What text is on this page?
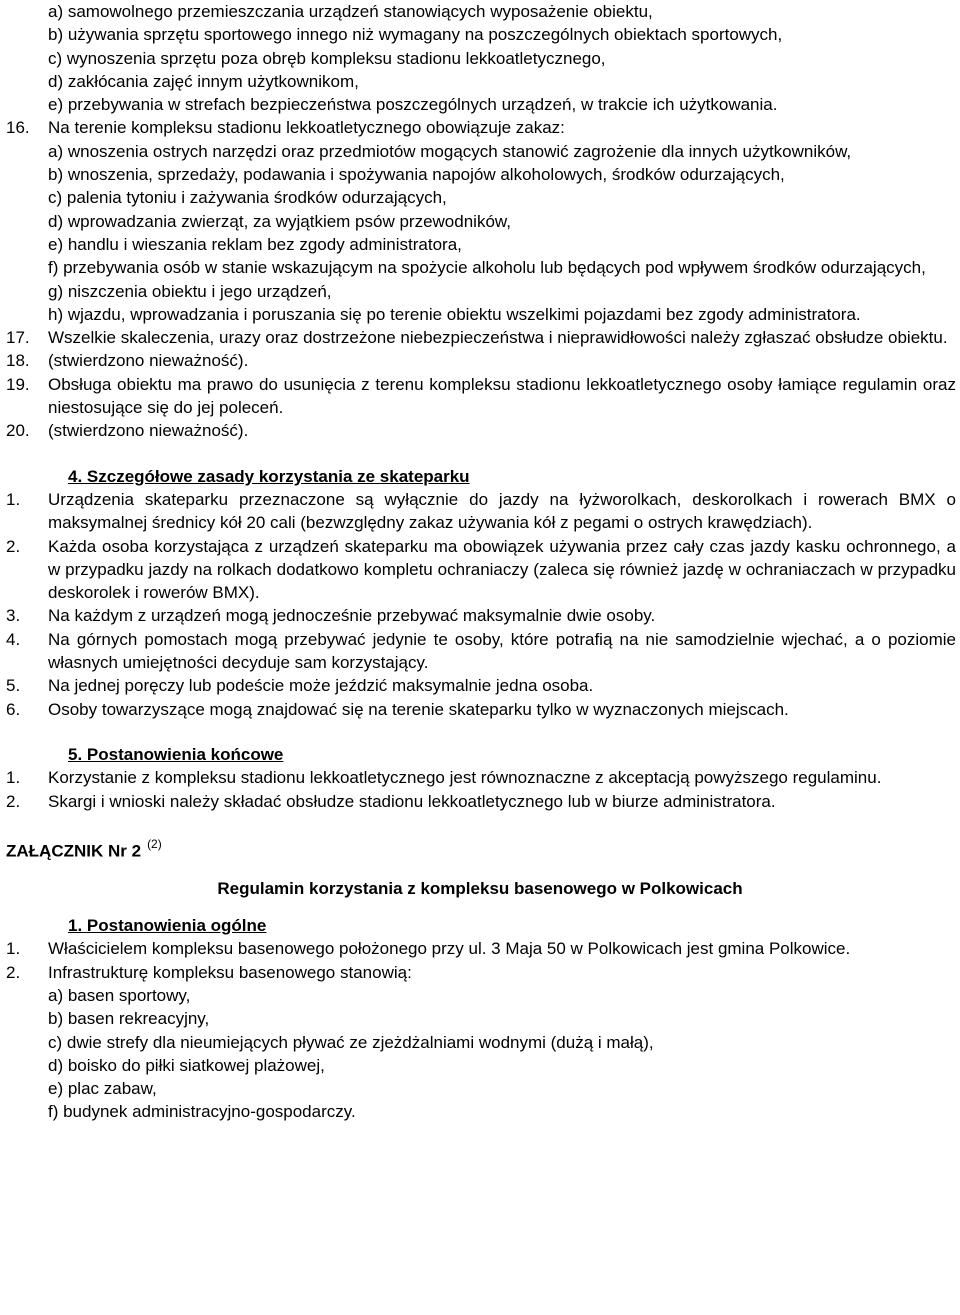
a) samowolnego przemieszczania urządzeń stanowiących wyposażenie obiektu,
b) używania sprzętu sportowego innego niż wymagany na poszczególnych obiektach sportowych,
c) wynoszenia sprzętu poza obręb kompleksu stadionu lekkoatletycznego,
d) zakłócania zajęć innym użytkownikom,
e) przebywania w strefach bezpieczeństwa poszczególnych urządzeń, w trakcie ich użytkowania.
16. Na terenie kompleksu stadionu lekkoatletycznego obowiązuje zakaz:
a) wnoszenia ostrych narzędzi oraz przedmiotów mogących stanowić zagrożenie dla innych użytkowników,
b) wnoszenia, sprzedaży, podawania i spożywania napojów alkoholowych, środków odurzających,
c) palenia tytoniu i zażywania środków odurzających,
d) wprowadzania zwierząt, za wyjątkiem psów przewodników,
e) handlu i wieszania reklam bez zgody administratora,
f) przebywania osób w stanie wskazującym na spożycie alkoholu lub będących pod wpływem środków odurzających,
g) niszczenia obiektu i jego urządzeń,
h) wjazdu, wprowadzania i poruszania się po terenie obiektu wszelkimi pojazdami bez zgody administratora.
17. Wszelkie skaleczenia, urazy oraz dostrzeżone niebezpieczeństwa i nieprawidłowości należy zgłaszać obsłudze obiektu.
18. (stwierdzono nieważność).
19. Obsługa obiektu ma prawo do usunięcia z terenu kompleksu stadionu lekkoatletycznego osoby łamiące regulamin oraz niestosujące się do jej poleceń.
20. (stwierdzono nieważność).
4. Szczegółowe zasady korzystania ze skateparku
1. Urządzenia skateparku przeznaczone są wyłącznie do jazdy na łyżworolkach, deskorolkach i rowerach BMX o maksymalnej średnicy kół 20 cali (bezwzględny zakaz używania kół z pegami o ostrych krawędziach).
2. Każda osoba korzystająca z urządzeń skateparku ma obowiązek używania przez cały czas jazdy kasku ochronnego, a w przypadku jazdy na rolkach dodatkowo kompletu ochraniaczy (zaleca się również jazdę w ochraniaczach w przypadku deskorolek i rowerów BMX).
3. Na każdym z urządzeń mogą jednocześnie przebywać maksymalnie dwie osoby.
4. Na górnych pomostach mogą przebywać jedynie te osoby, które potrafią na nie samodzielnie wjechać, a o poziomie własnych umiejętności decyduje sam korzystający.
5. Na jednej poręczy lub podeście może jeździć maksymalnie jedna osoba.
6. Osoby towarzyszące mogą znajdować się na terenie skateparku tylko w wyznaczonych miejscach.
5. Postanowienia końcowe
1. Korzystanie z kompleksu stadionu lekkoatletycznego jest równoznaczne z akceptacją powyższego regulaminu.
2. Skargi i wnioski należy składać obsłudze stadionu lekkoatletycznego lub w biurze administratora.
ZAŁĄCZNIK Nr 2 $^{(2)}$
Regulamin korzystania z kompleksu basenowego w Polkowicach
1. Postanowienia ogólne
1. Właścicielem kompleksu basenowego położonego przy ul. 3 Maja 50 w Polkowicach jest gmina Polkowice.
2. Infrastrukturę kompleksu basenowego stanowią:
a) basen sportowy,
b) basen rekreacyjny,
c) dwie strefy dla nieumiejących pływać ze zjeżdżalniami wodnymi (dużą i małą),
d) boisko do piłki siatkowej plażowej,
e) plac zabaw,
f) budynek administracyjno-gospodarczy.
